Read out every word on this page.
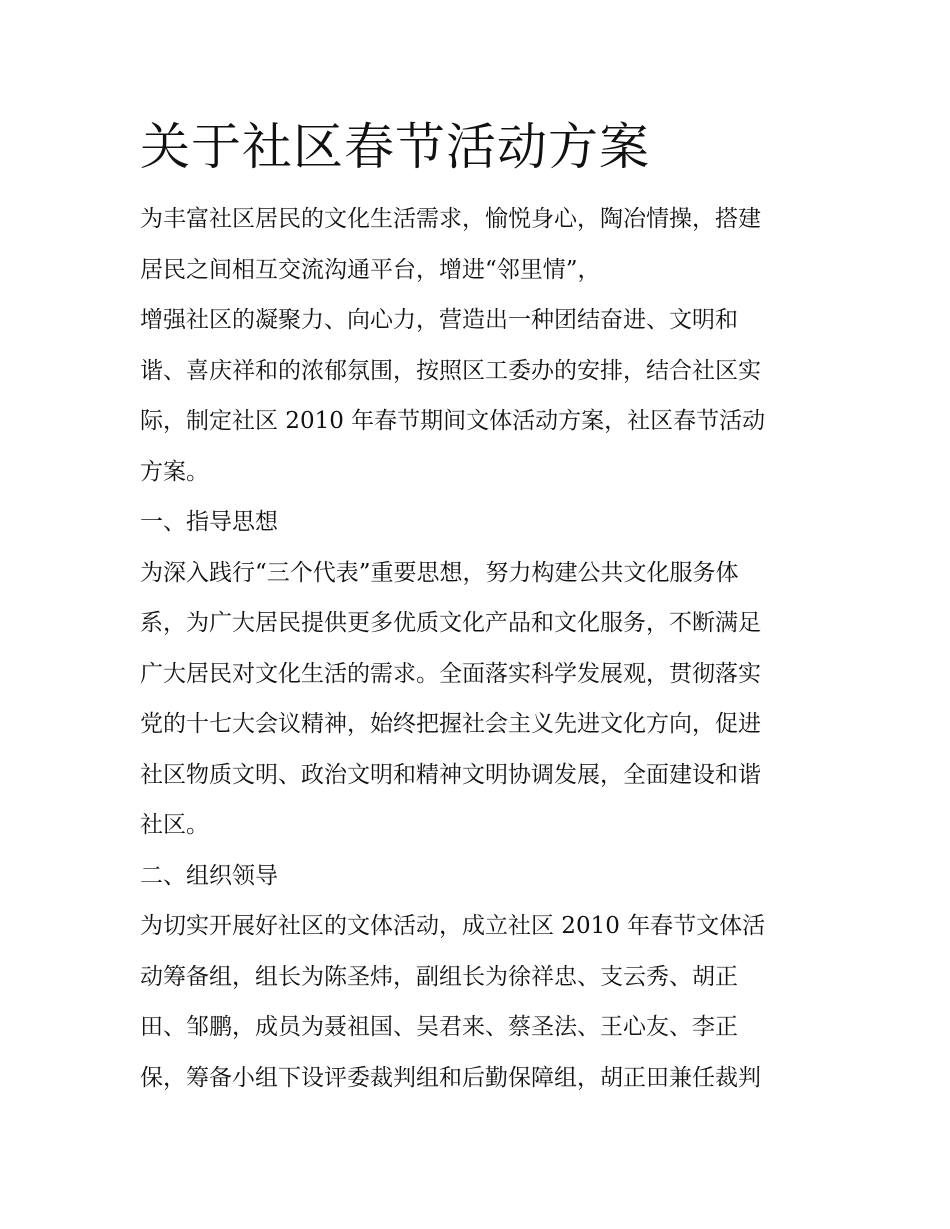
关于社区春节活动方案
为丰富社区居民的文化生活需求，愉悦身心，陶冶情操，搭建
居民之间相互交流沟通平台，增进“邻里情”，
增强社区的凝聚力、向心力，营造出一种团结奋进、文明和
谐、喜庆祥和的浓郁氛围，按照区工委办的安排，结合社区实
际，制定社区 2010 年春节期间文体活动方案，社区春节活动
方案。
一、指导思想
为深入践行“三个代表”重要思想，努力构建公共文化服务体
系，为广大居民提供更多优质文化产品和文化服务，不断满足
广大居民对文化生活的需求。全面落实科学发展观，贯彻落实
党的十七大会议精神，始终把握社会主义先进文化方向，促进
社区物质文明、政治文明和精神文明协调发展，全面建设和谐
社区。
二、组织领导
为切实开展好社区的文体活动，成立社区 2010 年春节文体活
动筹备组，组长为陈圣炜，副组长为徐祥忠、支云秀、胡正
田、邹鹏，成员为聂祖国、吴君来、蔡圣法、王心友、李正
保，筹备小组下设评委裁判组和后勤保障组，胡正田兼任裁判
